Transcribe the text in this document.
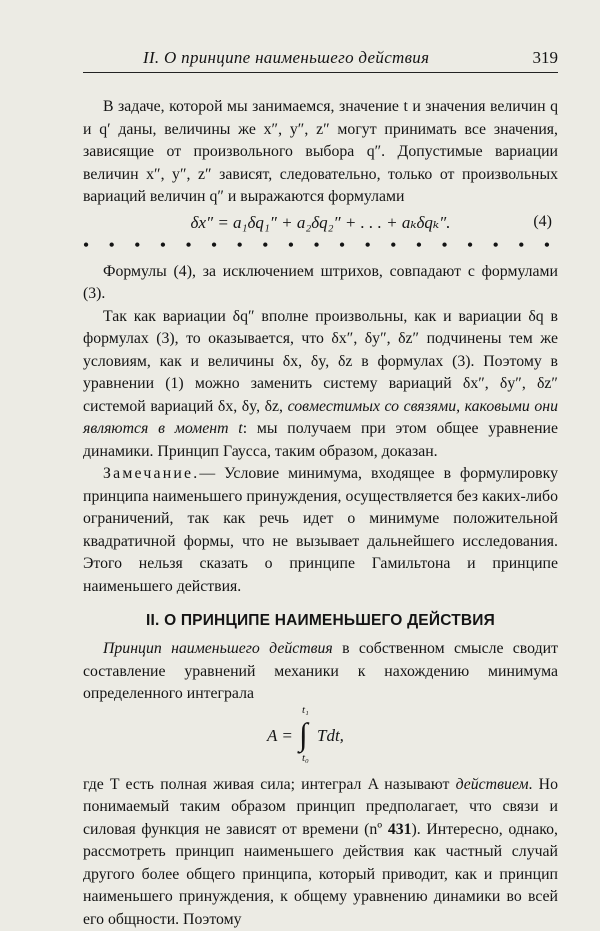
II. О принципе наименьшего действия	319

В задаче, которой мы занимаемся, значение t и значения величин q и q′ даны, величины же x″, y″, z″ могут принимать все значения, зависящие от произвольного выбора q″. Допустимые вариации величин x″, y″, z″ зависят, следовательно, только от произвольных вариаций величин q″ и выражаются формулами

δx″ = a₁δq₁″ + a₂δq₂″ + . . . + aₖδqₖ″.	(4)
• • • • • • • • • • • • • • • • • • •

Формулы (4), за исключением штрихов, совпадают с формулами (3).

Так как вариации δq″ вполне произвольны, как и вариации δq в формулах (3), то оказывается, что δx″, δy″, δz″ подчинены тем же условиям, как и величины δx, δy, δz в формулах (3). Поэтому в уравнении (1) можно заменить систему вариаций δx″, δy″, δz″ системой вариаций δx, δy, δz, совместимых со связями, каковыми они являются в момент t: мы получаем при этом общее уравнение динамики. Принцип Гаусса, таким образом, доказан.

Замечание.— Условие минимума, входящее в формулировку принципа наименьшего принуждения, осуществляется без каких-либо ограничений, так как речь идет о минимуме положительной квадратичной формы, что не вызывает дальнейшего исследования. Этого нельзя сказать о принципе Гамильтона и принципе наименьшего действия.

II. О ПРИНЦИПЕ НАИМЕНЬШЕГО ДЕЙСТВИЯ

Принцип наименьшего действия в собственном смысле сводит составление уравнений механики к нахождению минимума определенного интеграла

A =
t₁
∫
t₀
Tdt,

где T есть полная живая сила; интеграл A называют действием. Но понимаемый таким образом принцип предполагает, что связи и силовая функция не зависят от времени (nº 431). Интересно, однако, рассмотреть принцип наименьшего действия как частный случай другого более общего принципа, который приводит, как и принцип наименьшего принуждения, к общему уравнению динамики во всей его общности. Поэтому
